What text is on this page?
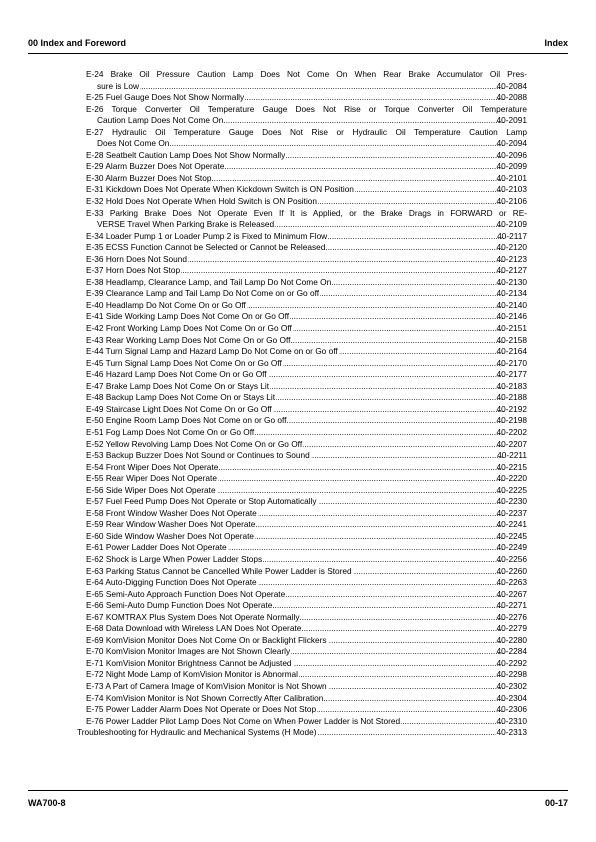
00 Index and Foreword	Index
E-24 Brake Oil Pressure Caution Lamp Does Not Come On When Rear Brake Accumulator Oil Pres-
sure is Low .....	40-2084
E-25 Fuel Gauge Does Not Show Normally .....	40-2088
E-26 Torque Converter Oil Temperature Gauge Does Not Rise or Torque Converter Oil Temperature
Caution Lamp Does Not Come On .....	40-2091
E-27 Hydraulic Oil Temperature Gauge Does Not Rise or Hydraulic Oil Temperature Caution Lamp
Does Not Come On .....	40-2094
E-28 Seatbelt Caution Lamp Does Not Show Normally .....	40-2096
E-29 Alarm Buzzer Does Not Operate .....	40-2099
E-30 Alarm Buzzer Does Not Stop .....	40-2101
E-31 Kickdown Does Not Operate When Kickdown Switch is ON Position .....	40-2103
E-32 Hold Does Not Operate When Hold Switch is ON Position .....	40-2106
E-33 Parking Brake Does Not Operate Even If It is Applied, or the Brake Drags in FORWARD or RE-
VERSE Travel When Parking Brake is Released .....	40-2109
E-34 Loader Pump 1 or Loader Pump 2 is Fixed to Minimum Flow .....	40-2117
E-35 ECSS Function Cannot be Selected or Cannot be Released .....	40-2120
E-36 Horn Does Not Sound .....	40-2123
E-37 Horn Does Not Stop .....	40-2127
E-38 Headlamp, Clearance Lamp, and Tail Lamp Do Not Come On .....	40-2130
E-39 Clearance Lamp and Tail Lamp Do Not Come on or Go off .....	40-2134
E-40 Headlamp Do Not Come On or Go Off .....	40-2140
E-41 Side Working Lamp Does Not Come On or Go Off .....	40-2146
E-42 Front Working Lamp Does Not Come On or Go Off .....	40-2151
E-43 Rear Working Lamp Does Not Come On or Go Off .....	40-2158
E-44 Turn Signal Lamp and Hazard Lamp Do Not Come on or Go off .....	40-2164
E-45 Turn Signal Lamp Does Not Come On or Go Off .....	40-2170
E-46 Hazard Lamp Does Not Come On or Go Off .....	40-2177
E-47 Brake Lamp Does Not Come On or Stays Lit .....	40-2183
E-48 Backup Lamp Does Not Come On or Stays Lit .....	40-2188
E-49 Staircase Light Does Not Come On or Go Off .....	40-2192
E-50 Engine Room Lamp Does Not Come on or Go off .....	40-2198
E-51 Fog Lamp Does Not Come On or Go Off .....	40-2202
E-52 Yellow Revolving Lamp Does Not Come On or Go Off .....	40-2207
E-53 Backup Buzzer Does Not Sound or Continues to Sound .....	40-2211
E-54 Front Wiper Does Not Operate .....	40-2215
E-55 Rear Wiper Does Not Operate .....	40-2220
E-56 Side Wiper Does Not Operate .....	40-2225
E-57 Fuel Feed Pump Does Not Operate or Stop Automatically .....	40-2230
E-58 Front Window Washer Does Not Operate .....	40-2237
E-59 Rear Window Washer Does Not Operate .....	40-2241
E-60 Side Window Washer Does Not Operate .....	40-2245
E-61 Power Ladder Does Not Operate .....	40-2249
E-62 Shock is Large When Power Ladder Stops .....	40-2256
E-63 Parking Status Cannot be Cancelled While Power Ladder is Stored .....	40-2260
E-64 Auto-Digging Function Does Not Operate .....	40-2263
E-65 Semi-Auto Approach Function Does Not Operate .....	40-2267
E-66 Semi-Auto Dump Function Does Not Operate .....	40-2271
E-67 KOMTRAX Plus System Does Not Operate Normally .....	40-2276
E-68 Data Download with Wireless LAN Does Not Operate .....	40-2279
E-69 KomVision Monitor Does Not Come On or Backlight Flickers .....	40-2280
E-70 KomVision Monitor Images are Not Shown Clearly .....	40-2284
E-71 KomVision Monitor Brightness Cannot be Adjusted .....	40-2292
E-72 Night Mode Lamp of KomVision Monitor is Abnormal .....	40-2298
E-73 A Part of Camera Image of KomVision Monitor is Not Shown .....	40-2302
E-74 KomVision Monitor is Not Shown Correctly After Calibration .....	40-2304
E-75 Power Ladder Alarm Does Not Operate or Does Not Stop .....	40-2306
E-76 Power Ladder Pilot Lamp Does Not Come on When Power Ladder is Not Stored .....	40-2310
Troubleshooting for Hydraulic and Mechanical Systems (H Mode) .....	40-2313
WA700-8	00-17
